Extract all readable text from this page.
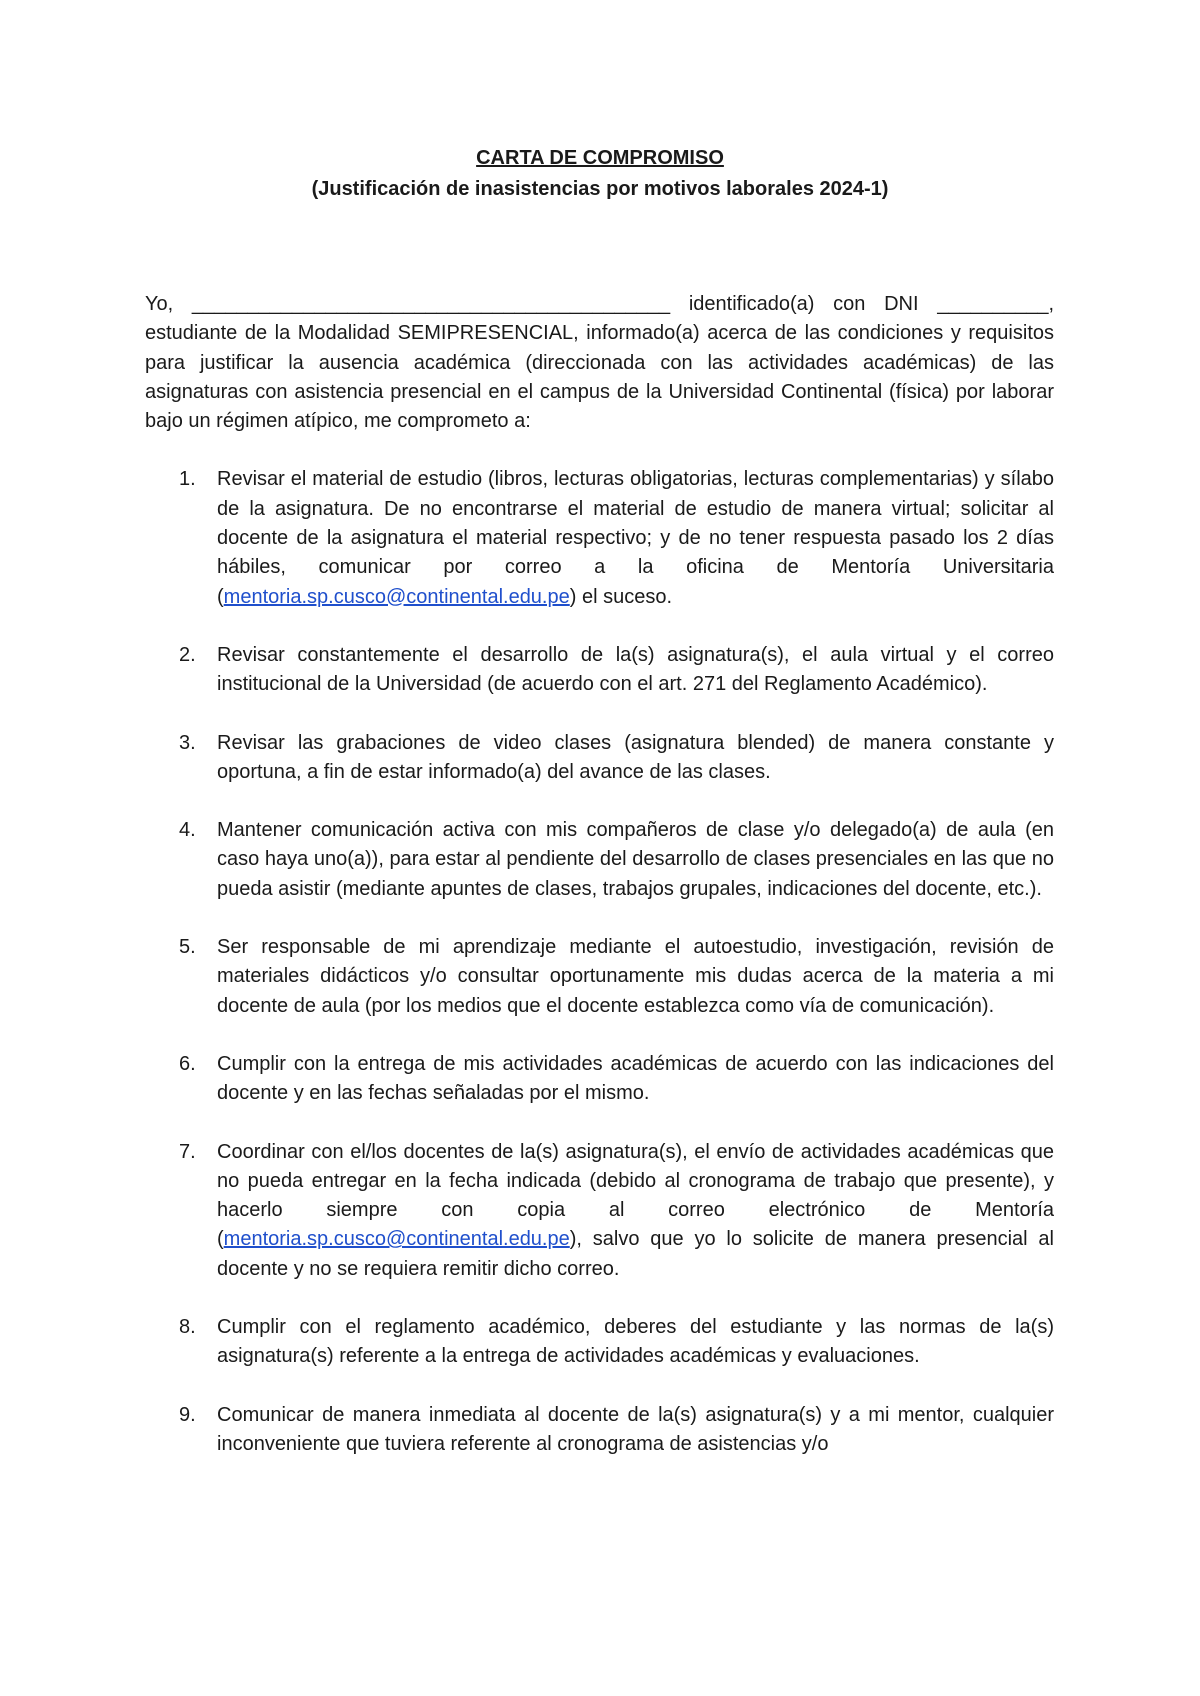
CARTA DE COMPROMISO
(Justificación de inasistencias por motivos laborales 2024-1)

Yo, ___________________________________________ identificado(a) con DNI __________, estudiante de la Modalidad SEMIPRESENCIAL, informado(a) acerca de las condiciones y requisitos para justificar la ausencia académica (direccionada con las actividades académicas) de las asignaturas con asistencia presencial en el campus de la Universidad Continental (física) por laborar bajo un régimen atípico, me comprometo a:

1. Revisar el material de estudio (libros, lecturas obligatorias, lecturas complementarias) y sílabo de la asignatura. De no encontrarse el material de estudio de manera virtual; solicitar al docente de la asignatura el material respectivo; y de no tener respuesta pasado los 2 días hábiles, comunicar por correo a la oficina de Mentoría Universitaria (mentoria.sp.cusco@continental.edu.pe) el suceso.
2. Revisar constantemente el desarrollo de la(s) asignatura(s), el aula virtual y el correo institucional de la Universidad (de acuerdo con el art. 271 del Reglamento Académico).
3. Revisar las grabaciones de video clases (asignatura blended) de manera constante y oportuna, a fin de estar informado(a) del avance de las clases.
4. Mantener comunicación activa con mis compañeros de clase y/o delegado(a) de aula (en caso haya uno(a)), para estar al pendiente del desarrollo de clases presenciales en las que no pueda asistir (mediante apuntes de clases, trabajos grupales, indicaciones del docente, etc.).
5. Ser responsable de mi aprendizaje mediante el autoestudio, investigación, revisión de materiales didácticos y/o consultar oportunamente mis dudas acerca de la materia a mi docente de aula (por los medios que el docente establezca como vía de comunicación).
6. Cumplir con la entrega de mis actividades académicas de acuerdo con las indicaciones del docente y en las fechas señaladas por el mismo.
7. Coordinar con el/los docentes de la(s) asignatura(s), el envío de actividades académicas que no pueda entregar en la fecha indicada (debido al cronograma de trabajo que presente), y hacerlo siempre con copia al correo electrónico de Mentoría (mentoria.sp.cusco@continental.edu.pe), salvo que yo lo solicite de manera presencial al docente y no se requiera remitir dicho correo.
8. Cumplir con el reglamento académico, deberes del estudiante y las normas de la(s) asignatura(s) referente a la entrega de actividades académicas y evaluaciones.
9. Comunicar de manera inmediata al docente de la(s) asignatura(s) y a mi mentor, cualquier inconveniente que tuviera referente al cronograma de asistencias y/o
